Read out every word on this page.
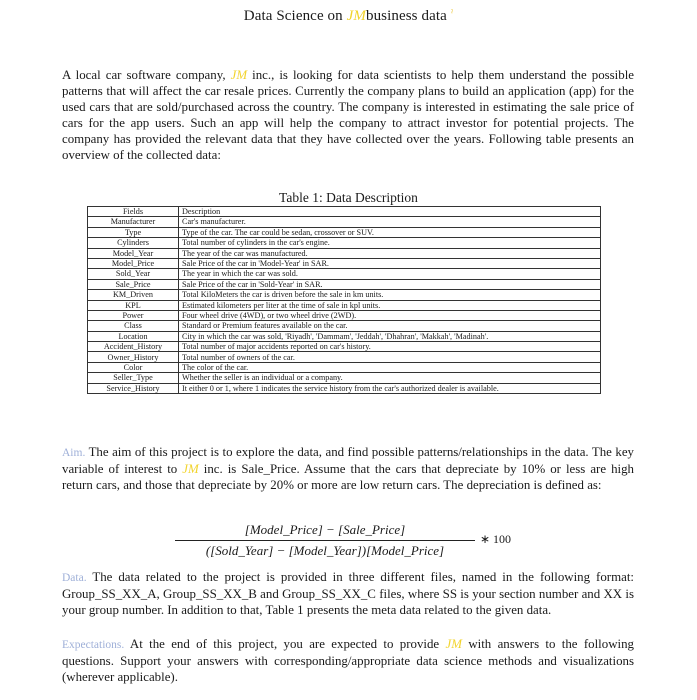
Data Science on JMbusiness data $^ˀ$
A local car software company, JM inc., is looking for data scientists to help them understand the possible patterns that will affect the car resale prices. Currently the company plans to build an application (app) for the used cars that are sold/purchased across the country. The company is interested in estimating the sale price of cars for the app users. Such an app will help the company to attract investor for potential projects. The company has provided the relevant data that they have collected over the years. Following table presents an overview of the collected data:
Table 1: Data Description
Fields	Description
Manufacturer	Car's manufacturer.
Type	Type of the car. The car could be sedan, crossover or SUV.
Cylinders	Total number of cylinders in the car's engine.
Model_Year	The year of the car was manufactured.
Model_Price	Sale Price of the car in 'Model-Year' in SAR.
Sold_Year	The year in which the car was sold.
Sale_Price	Sale Price of the car in 'Sold-Year' in SAR.
KM_Driven	Total KiloMeters the car is driven before the sale in km units.
KPL	Estimated kilometers per liter at the time of sale in kpl units.
Power	Four wheel drive (4WD), or two wheel drive (2WD).
Class	Standard or Premium features available on the car.
Location	City in which the car was sold, 'Riyadh', 'Dammam', 'Jeddah', 'Dhahran', 'Makkah', 'Madinah'.
Accident_History	Total number of major accidents reported on car's history.
Owner_History	Total number of owners of the car.
Color	The color of the car.
Seller_Type	Whether the seller is an individual or a company.
Service_History	It either 0 or 1, where 1 indicates the service history from the car's authorized dealer is available.
Aim. The aim of this project is to explore the data, and find possible patterns/relationships in the data. The key variable of interest to JM inc. is Sale_Price. Assume that the cars that depreciate by 10% or less are high return cars, and those that depreciate by 20% or more are low return cars. The depreciation is defined as:
[Model_Price] − [Sale_Price]
([Sold_Year] − [Model_Year])[Model_Price]
∗ 100
Data. The data related to the project is provided in three different files, named in the following format: Group_SS_XX_A, Group_SS_XX_B and Group_SS_XX_C files, where SS is your section number and XX is your group number. In addition to that, Table 1 presents the meta data related to the given data.
Expectations. At the end of this project, you are expected to provide JM with answers to the following questions. Support your answers with corresponding/appropriate data science methods and visualizations (wherever applicable).
